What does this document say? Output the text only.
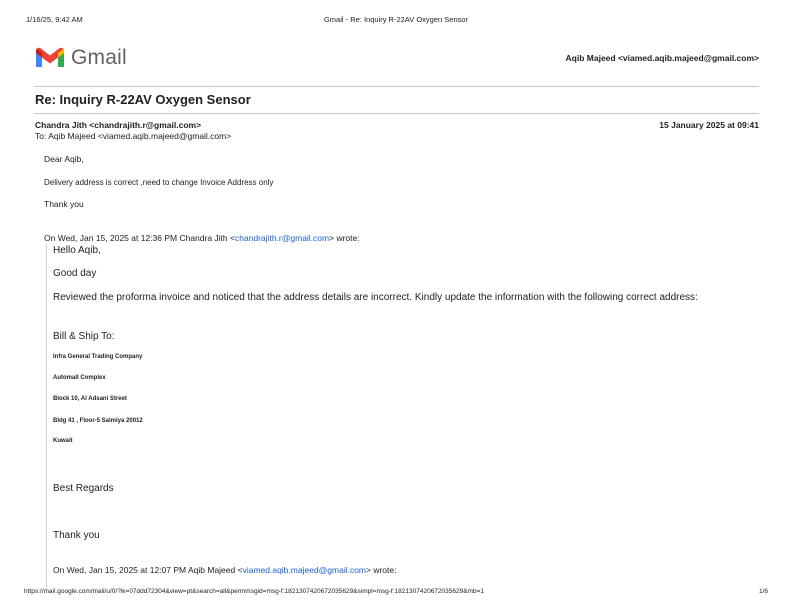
1/16/25, 9:42 AM	Gmail - Re: Inquiry R-22AV Oxygen Sensor
Gmail	Aqib Majeed <viamed.aqib.majeed@gmail.com>
Re: Inquiry R-22AV Oxygen Sensor
Chandra Jith <chandrajith.r@gmail.com>	15 January 2025 at 09:41
To: Aqib Majeed <viamed.aqib.majeed@gmail.com>
Dear Aqib,
Delivery address is correct ,need to change Invoice Address only
Thank you
On Wed, Jan 15, 2025 at 12:36 PM Chandra Jith <chandrajith.r@gmail.com> wrote:
Hello Aqib,
Good day
Reviewed the proforma invoice and noticed that the address details are incorrect. Kindly update the information with the following correct address:
Bill & Ship To:
Infra General Trading Company
Automall Complex
Block 10, Al Adsani Street
Bldg 41 , Floor-5 Salmiya 20012
Kuwait
Best Regards
Thank you
On Wed, Jan 15, 2025 at 12:07 PM Aqib Majeed <viamed.aqib.majeed@gmail.com> wrote:
https://mail.google.com/mail/u/0/?ik=07ddd72304&view=pt&search=all&permmsgid=msg-f:1821307420672035629&simpl=msg-f:1821307420672035629&mb=1	1/6
